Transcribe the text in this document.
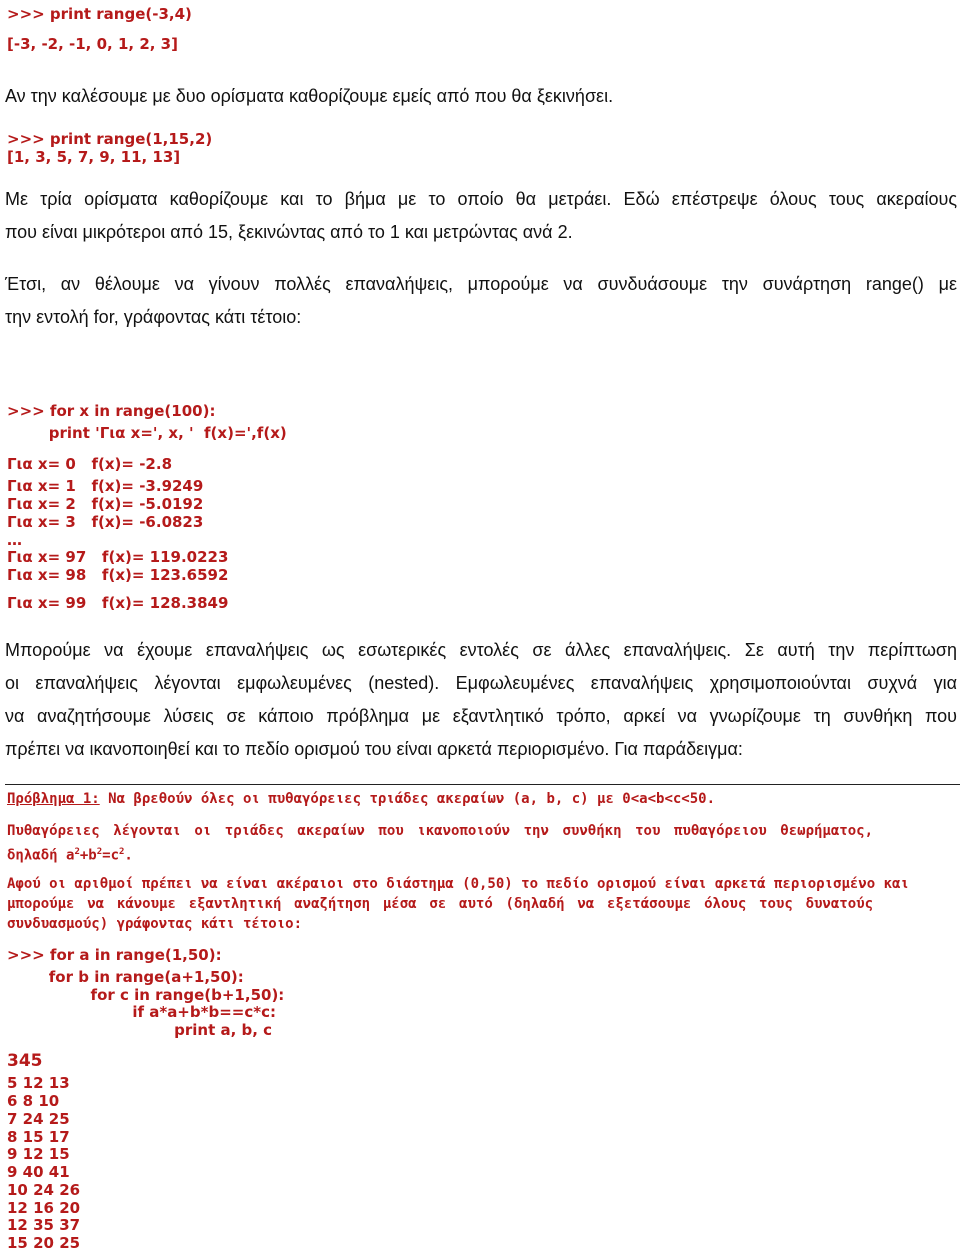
>>> print range(-3,4)
[-3, -2, -1, 0, 1, 2, 3]
Αν την καλέσουμε με δυο ορίσματα καθορίζουμε εμείς από που θα ξεκινήσει.
>>> print range(1,15,2)
[1, 3, 5, 7, 9, 11, 13]
Με τρία ορίσματα καθορίζουμε και το βήμα με το οποίο θα μετράει. Εδώ επέστρεψε όλους τους ακεραίους
που είναι μικρότεροι από 15, ξεκινώντας από το 1 και μετρώντας ανά 2.
Έτσι, αν θέλουμε να γίνουν πολλές επαναλήψεις, μπορούμε να συνδυάσουμε την συνάρτηση range() με
την εντολή for, γράφοντας κάτι τέτοιο:
>>> for x in range(100):
print 'Για x=', x, '  f(x)=',f(x)
Για x= 0   f(x)= -2.8
Για x= 1   f(x)= -3.9249
Για x= 2   f(x)= -5.0192
Για x= 3   f(x)= -6.0823
…
Για x= 97   f(x)= 119.0223
Για x= 98   f(x)= 123.6592
Για x= 99   f(x)= 128.3849
Μπορούμε να έχουμε επαναλήψεις ως εσωτερικές εντολές σε άλλες επαναλήψεις. Σε αυτή την περίπτωση
οι επαναλήψεις λέγονται εμφωλευμένες (nested). Εμφωλευμένες επαναλήψεις χρησιμοποιούνται συχνά για
να αναζητήσουμε λύσεις σε κάποιο πρόβλημα με εξαντλητικό τρόπο, αρκεί να γνωρίζουμε τη συνθήκη που
πρέπει να ικανοποιηθεί και το πεδίο ορισμού του είναι αρκετά περιορισμένο. Για παράδειγμα:
Πρόβλημα 1: Να βρεθούν όλες οι πυθαγόρειες τριάδες ακεραίων (a, b, c) με 0<a<b<c<50.
Πυθαγόρειες λέγονται οι τριάδες ακεραίων που ικανοποιούν την συνθήκη του πυθαγόρειου θεωρήματος,
δηλαδή $a^2+b^2=c^2$.
Αφού οι αριθμοί πρέπει να είναι ακέραιοι στο διάστημα (0,50) το πεδίο ορισμού είναι αρκετά περιορισμένο και
μπορούμε να κάνουμε εξαντλητική αναζήτηση μέσα σε αυτό (δηλαδή να εξετάσουμε όλους τους δυνατούς
συνδυασμούς) γράφοντας κάτι τέτοιο:
>>> for a in range(1,50):
for b in range(a+1,50):
for c in range(b+1,50):
if a*a+b*b==c*c:
print a, b, c
345
5 12 13
6 8 10
7 24 25
8 15 17
9 12 15
9 40 41
10 24 26
12 16 20
12 35 37
15 20 25
